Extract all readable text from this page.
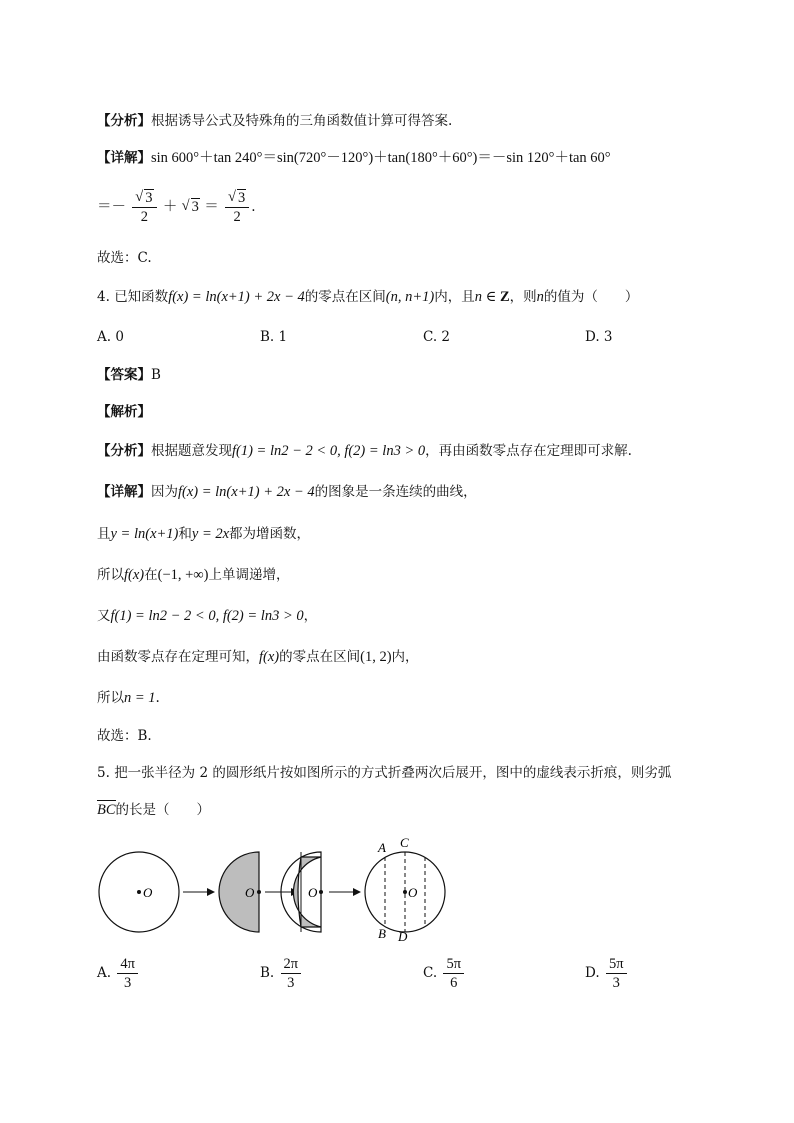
【分析】根据诱导公式及特殊角的三角函数值计算可得答案.
【详解】sin 600°＋tan 240°＝sin(720°－120°)＋tan(180°＋60°)＝－sin 120°＋tan 60°
＝－ √ $\frac{3}{2}$ ＋ √ 3 ＝ √ $\frac{3}{2}$ .
故选：C.
4. 已知函数f(x) = ln(x+1) + 2x − 4的零点在区间(n, n+1)内，且n ∈ Z，则n的值为（　　）
A. 0	B. 1	C. 2	D. 3
【答案】B
【解析】
【分析】根据题意发现f(1) = ln2 − 2 < 0, f(2) = ln3 > 0，再由函数零点存在定理即可求解.
【详解】因为f(x) = ln(x+1) + 2x − 4的图象是一条连续的曲线，
且y = ln(x+1)和y = 2x都为增函数，
所以f(x)在(−1, +∞)上单调递增，
又f(1) = ln2 − 2 < 0, f(2) = ln3 > 0，
由函数零点存在定理可知，f(x)的零点在区间(1, 2)内，
所以n = 1.
故选：B.
5. 把一张半径为 2 的圆形纸片按如图所示的方式折叠两次后展开，图中的虚线表示折痕，则劣弧
BC的长是（　　）
O	O	O	O
A C
B D
A. $\frac{4\pi}{3}$	B. $\frac{2\pi}{3}$	C. $\frac{5\pi}{6}$	D. $\frac{5\pi}{3}$
